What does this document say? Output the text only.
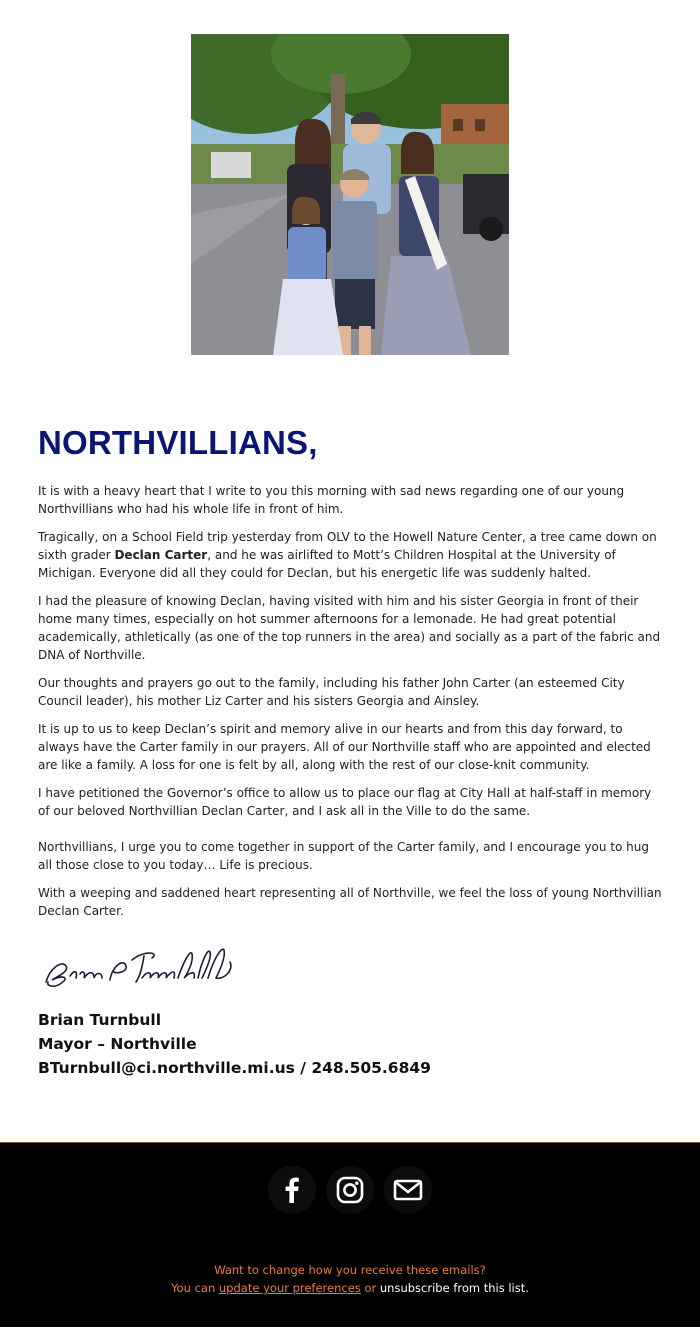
NORTHVILLIANS,

It is with a heavy heart that I write to you this morning with sad news regarding one of our young Northvillians who had his whole life in front of him.

Tragically, on a School Field trip yesterday from OLV to the Howell Nature Center, a tree came down on sixth grader Declan Carter, and he was airlifted to Mott’s Children Hospital at the University of Michigan. Everyone did all they could for Declan, but his energetic life was suddenly halted.

I had the pleasure of knowing Declan, having visited with him and his sister Georgia in front of their home many times, especially on hot summer afternoons for a lemonade. He had great potential academically, athletically (as one of the top runners in the area) and socially as a part of the fabric and DNA of Northville.

Our thoughts and prayers go out to the family, including his father John Carter (an esteemed City Council leader), his mother Liz Carter and his sisters Georgia and Ainsley.

It is up to us to keep Declan’s spirit and memory alive in our hearts and from this day forward, to always have the Carter family in our prayers. All of our Northville staff who are appointed and elected are like a family. A loss for one is felt by all, along with the rest of our close-knit community.

I have petitioned the Governor’s office to allow us to place our flag at City Hall at half-staff in memory of our beloved Northvillian Declan Carter, and I ask all in the Ville to do the same.

Northvillians, I urge you to come together in support of the Carter family, and I encourage you to hug all those close to you today… Life is precious.

With a weeping and saddened heart representing all of Northville, we feel the loss of young Northvillian Declan Carter.

Brian Turnbull
Mayor – Northville
BTurnbull@ci.northville.mi.us / 248.505.6849
Want to change how you receive these emails?
You can update your preferences or unsubscribe from this list.
